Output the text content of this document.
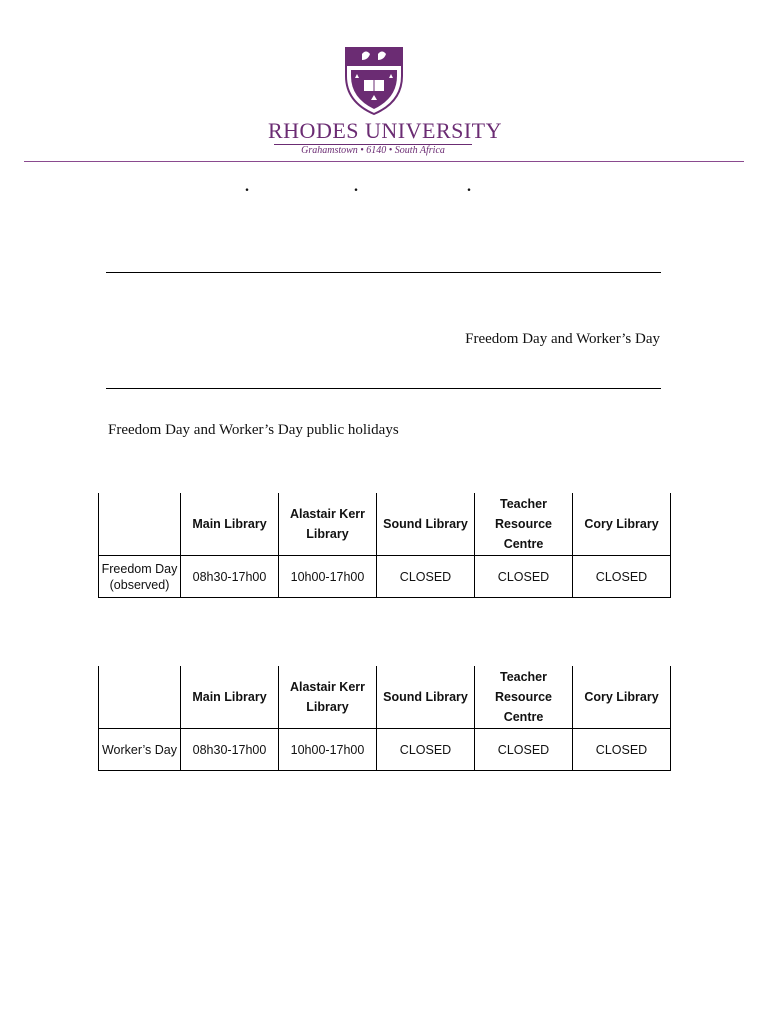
RHODES UNIVERSITY
Grahamstown • 6140 • South Africa
.	.	.
Freedom Day and Worker’s Day
Freedom Day and Worker’s Day public holidays
	Main Library	Alastair Kerr Library	Sound Library	Teacher Resource Centre	Cory Library
Freedom Day (observed)	08h30-17h00	10h00-17h00	CLOSED	CLOSED	CLOSED
	Main Library	Alastair Kerr Library	Sound Library	Teacher Resource Centre	Cory Library
Worker’s Day	08h30-17h00	10h00-17h00	CLOSED	CLOSED	CLOSED
